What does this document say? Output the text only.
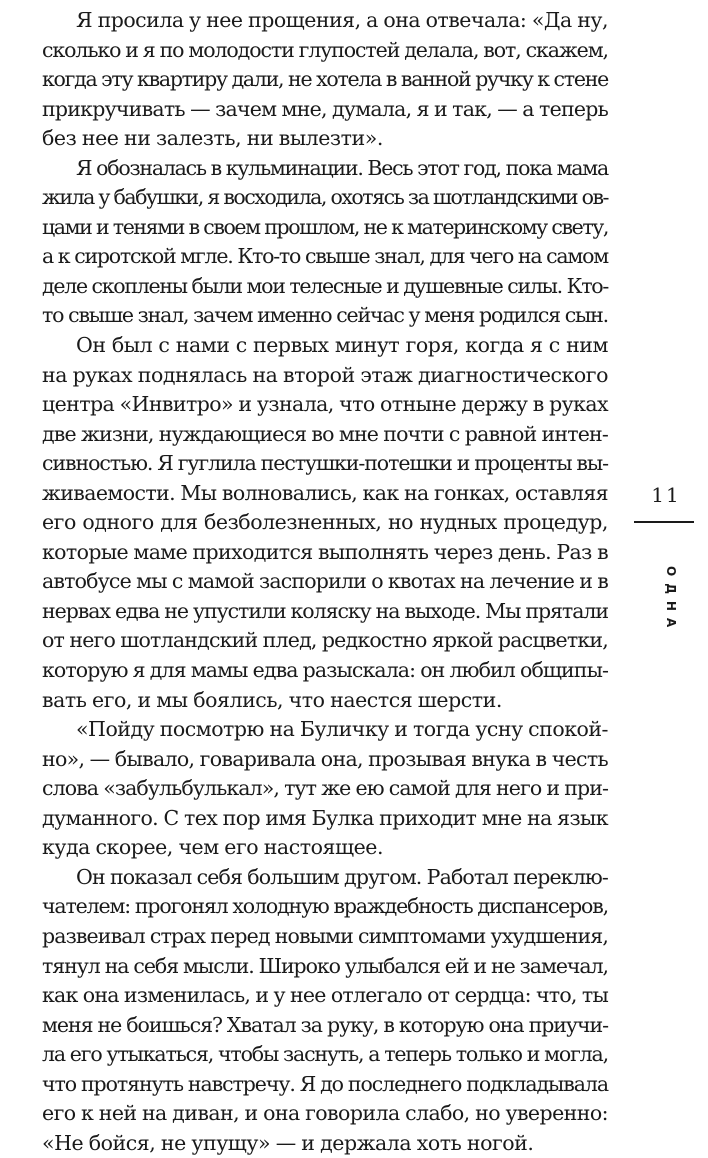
Я просила у нее прощения, а она отвечала: «Да ну,
сколько и я по молодости глупостей делала, вот, скажем,
когда эту квартиру дали, не хотела в ванной ручку к стене
прикручивать — зачем мне, думала, я и так, — а теперь
без нее ни залезть, ни вылезти».
Я обозналась в кульминации. Весь этот год, пока мама
жила у бабушки, я восходила, охотясь за шотландскими ов-
цами и тенями в своем прошлом, не к материнскому свету,
а к сиротской мгле. Кто-то свыше знал, для чего на самом
деле скоплены были мои телесные и душевные силы. Кто-
то свыше знал, зачем именно сейчас у меня родился сын.
Он был с нами с первых минут горя, когда я с ним
на руках поднялась на второй этаж диагностического
центра «Инвитро» и узнала, что отныне держу в руках
две жизни, нуждающиеся во мне почти с равной интен-
сивностью. Я гуглила пестушки-потешки и проценты вы-
живаемости. Мы волновались, как на гонках, оставляя
его одного для безболезненных, но нудных процедур,
которые маме приходится выполнять через день. Раз в
автобусе мы с мамой заспорили о квотах на лечение и в
нервах едва не упустили коляску на выходе. Мы прятали
от него шотландский плед, редкостно яркой расцветки,
которую я для мамы едва разыскала: он любил общипы-
вать его, и мы боялись, что наестся шерсти.
«Пойду посмотрю на Буличку и тогда усну спокой-
но», — бывало, говаривала она, прозывая внука в честь
слова «забульбулькал», тут же ею самой для него и при-
думанного. С тех пор имя Булка приходит мне на язык
куда скорее, чем его настоящее.
Он показал себя большим другом. Работал переклю-
чателем: прогонял холодную враждебность диспансеров,
развеивал страх перед новыми симптомами ухудшения,
тянул на себя мысли. Широко улыбался ей и не замечал,
как она изменилась, и у нее отлегало от сердца: что, ты
меня не боишься? Хватал за руку, в которую она приучи-
ла его утыкаться, чтобы заснуть, а теперь только и могла,
что протянуть навстречу. Я до последнего подкладывала
его к ней на диван, и она говорила слабо, но уверенно:
«Не бойся, не упущу» — и держала хоть ногой.
11
ОДНА
